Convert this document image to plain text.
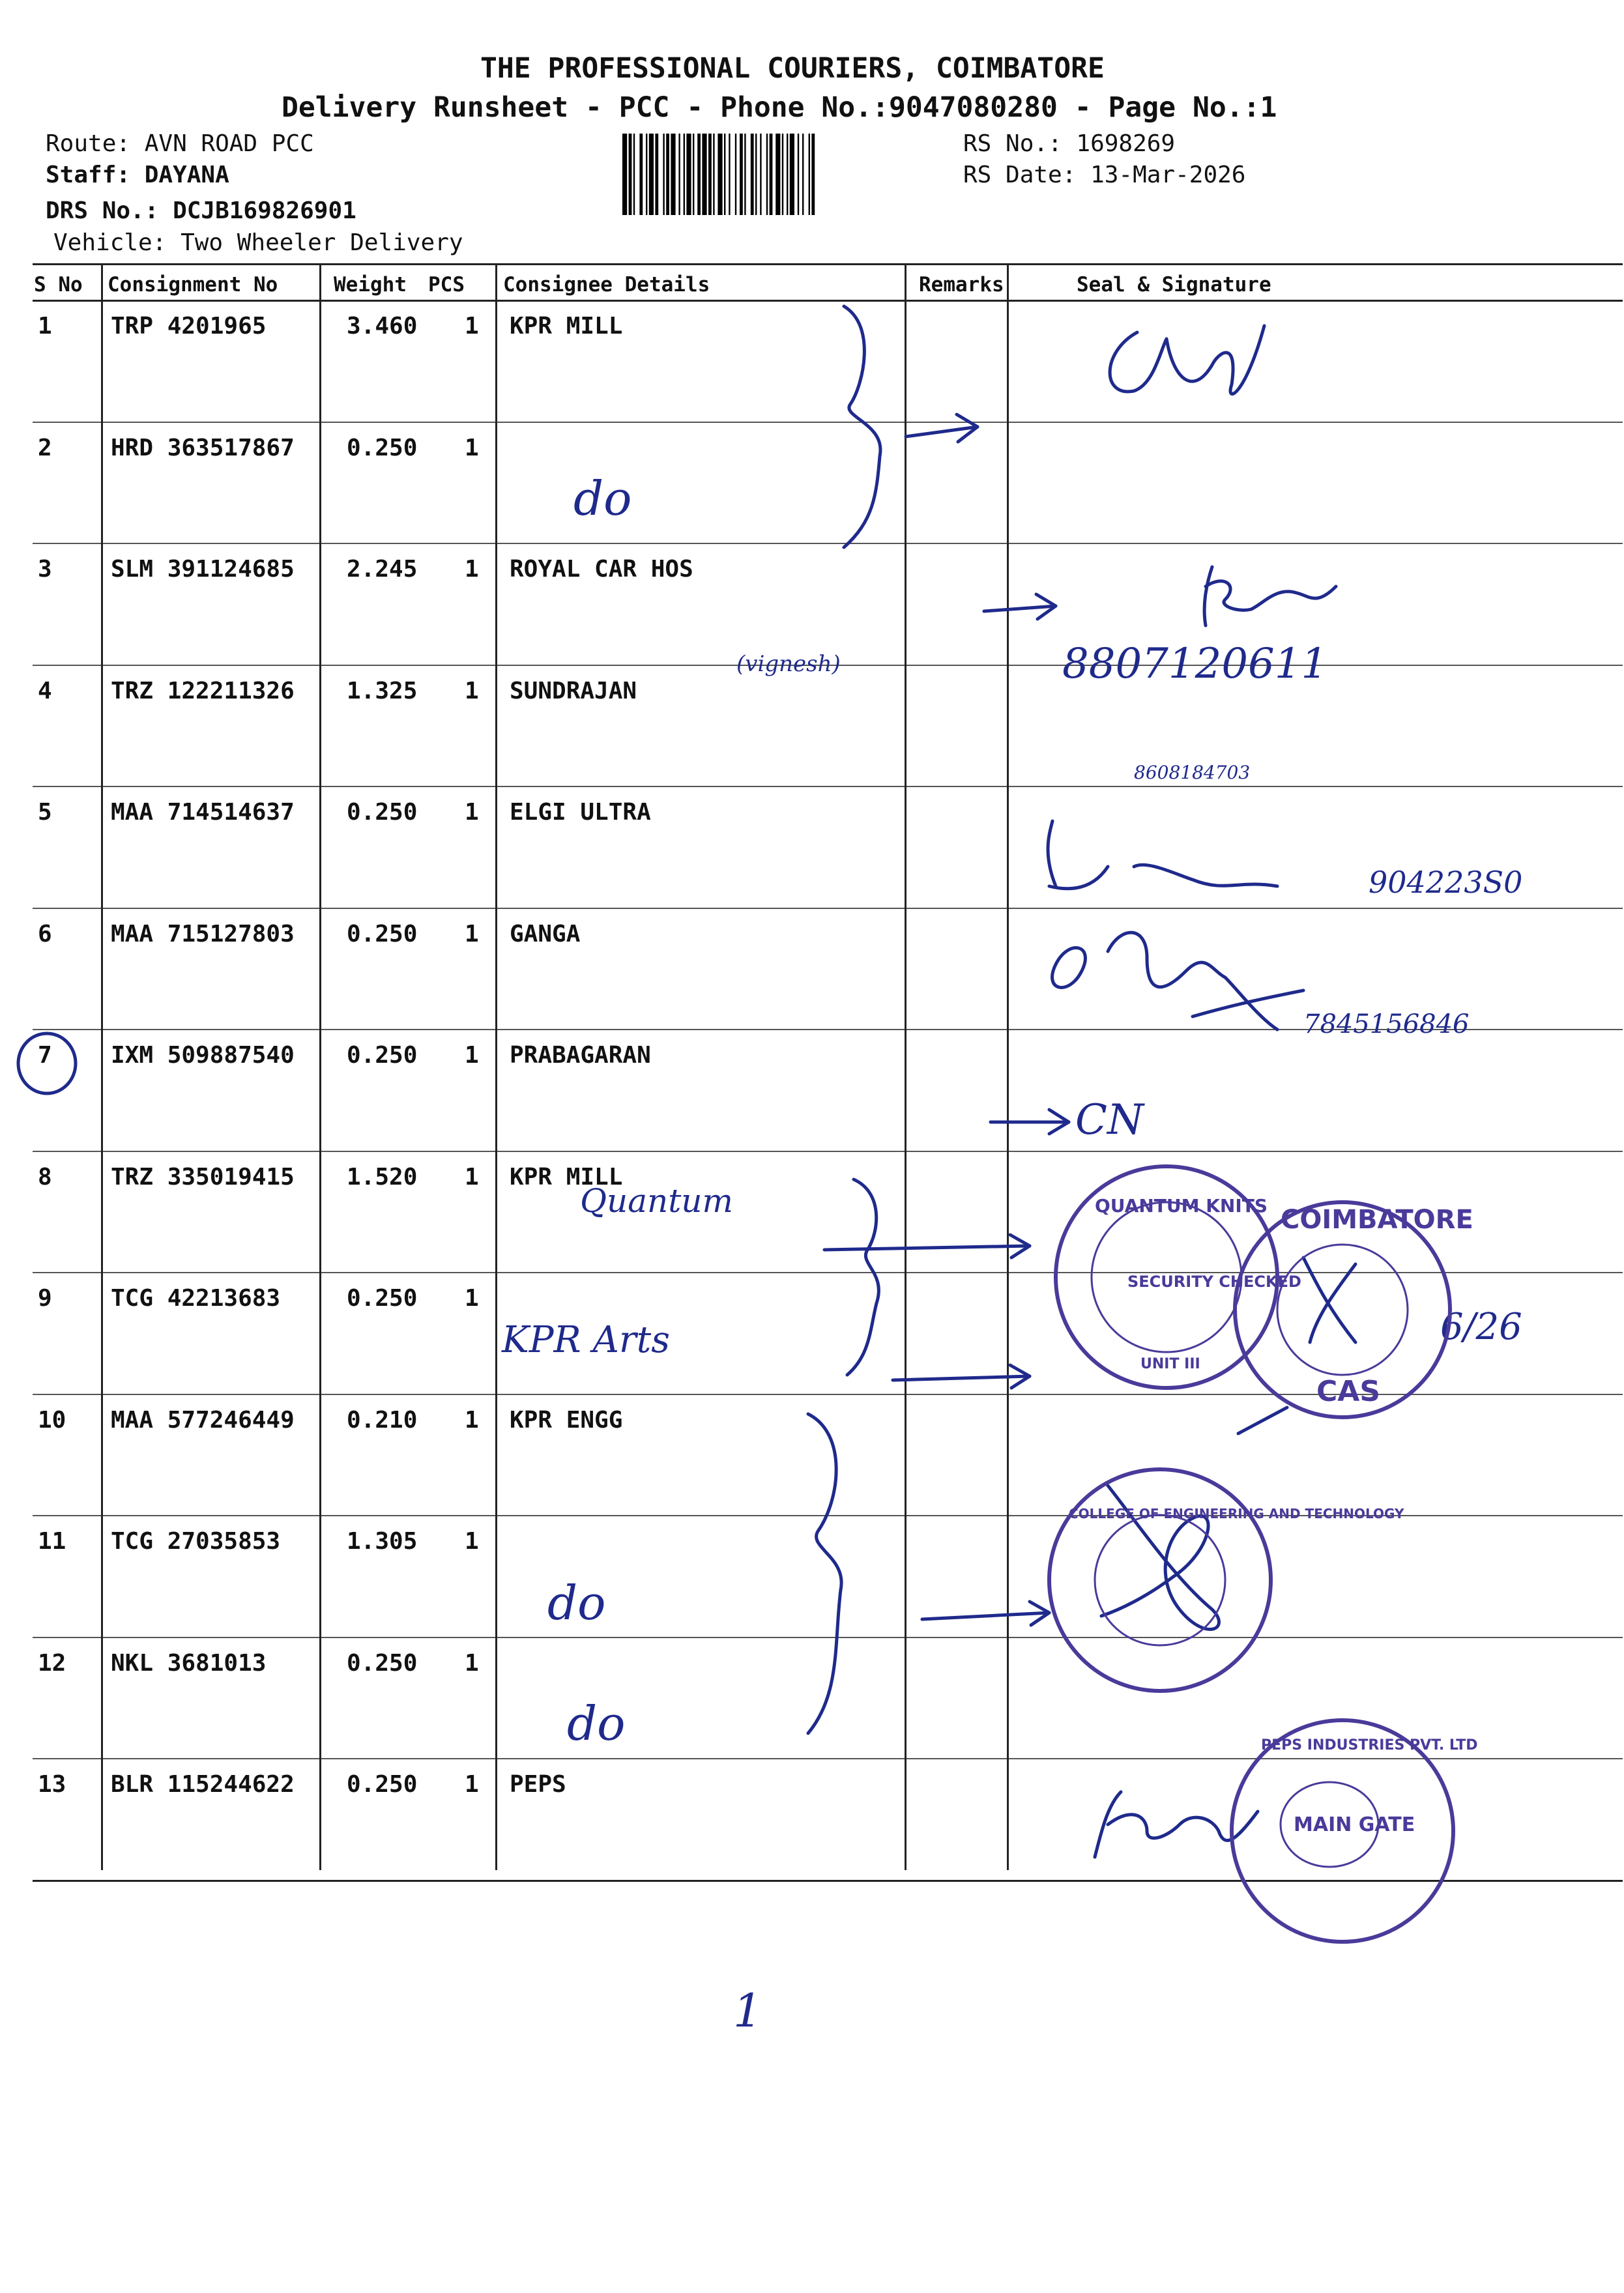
THE PROFESSIONAL COURIERS, COIMBATORE
Delivery Runsheet - PCC - Phone No.:9047080280 - Page No.:1
Route: AVN ROAD PCC
Staff: DAYANA
DRS No.: DCJB169826901
Vehicle: Two Wheeler Delivery
RS No.: 1698269
RS Date: 13-Mar-2026
S No Consignment No	Weight PCS Consignee Details	Remarks	Seal & Signature
1	TRP 4201965	3.460 1 KPR MILL
2	HRD 363517867 0.250 1
3	SLM 391124685 2.245 1 ROYAL CAR HOS
4	TRZ 122211326 1.325 1 SUNDRAJAN
5	MAA 714514637 0.250 1 ELGI ULTRA
6	MAA 715127803 0.250 1 GANGA
7	IXM 509887540 0.250 1 PRABAGARAN
8	TRZ 335019415 1.520 1 KPR MILL
9	TCG 42213683	0.250 1
10 MAA 577246449 0.210 1 KPR ENGG
11 TCG 27035853	1.305 1
12 NKL 3681013	0.250 1
13 BLR 115244622 0.250 1 PEPS
do
(vignesh)	8807120611
8608184703
904223S0
7845156846
CN
Quantum
KPR Arts	6/26
do
do
1
QUANTUM KNITS
SECURITY CHECKED
UNIT III
COIMBATORE
CAS
COLLEGE OF ENGINEERING AND TECHNOLOGY
PEPS INDUSTRIES PVT. LTD
MAIN GATE
